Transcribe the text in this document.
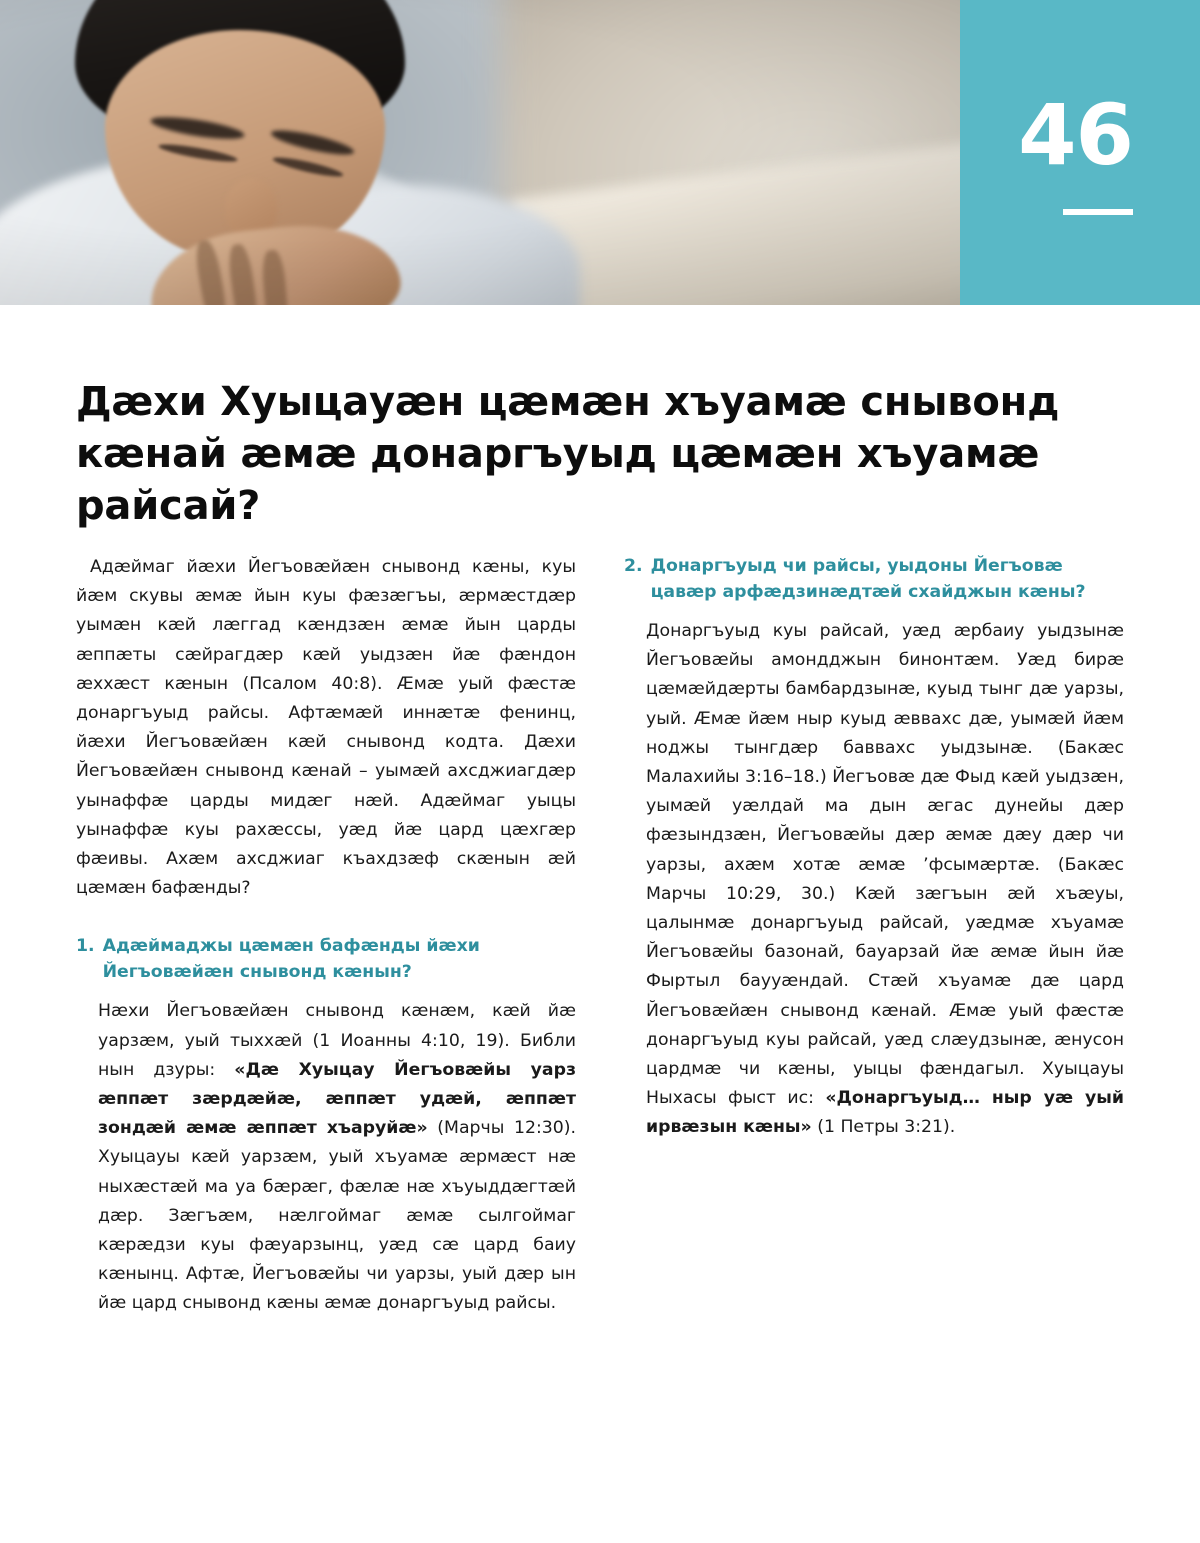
46
Дӕхи Хуыцауӕн цӕмӕн хъуамӕ снывонд кӕнай ӕмӕ донаргъуыд цӕмӕн хъуамӕ райсай?

Адӕймаг йӕхи Йегъовӕйӕн снывонд кӕны, куы йӕм скувы ӕмӕ йын куы фӕзӕгъы, ӕрмӕстдӕр уымӕн кӕй лӕггад кӕндзӕн ӕмӕ йын царды ӕппӕты сӕйрагдӕр кӕй уыдзӕн йӕ фӕндон ӕххӕст кӕнын (Псалом 40:8). Ӕмӕ уый фӕстӕ донаргъуыд райсы. Афтӕмӕй иннӕтӕ фенинц, йӕхи Йегъовӕйӕн кӕй снывонд кодта. Дӕхи Йегъовӕйӕн снывонд кӕнай – уымӕй ахсджиагдӕр уынаффӕ царды мидӕг нӕй. Адӕймаг уыцы уынаффӕ куы рахӕссы, уӕд йӕ цард цӕхгӕр фӕивы. Ахӕм ахсджиаг къахдзӕф скӕнын ӕй цӕмӕн бафӕнды?

1. Адӕймаджы цӕмӕн бафӕнды йӕхи Йегъовӕйӕн снывонд кӕнын?

Нӕхи Йегъовӕйӕн снывонд кӕнӕм, кӕй йӕ уарзӕм, уый тыххӕй (1 Иоанны 4:10, 19). Библи нын дзуры: «Дӕ Хуыцау Йегъовӕйы уарз ӕппӕт зӕрдӕйӕ, ӕппӕт удӕй, ӕппӕт зондӕй ӕмӕ ӕппӕт хъаруйӕ» (Марчы 12:30). Хуыцауы кӕй уарзӕм, уый хъуамӕ ӕрмӕст нӕ ныхӕстӕй ма уа бӕрӕг, фӕлӕ нӕ хъуыддӕгтӕй дӕр. Зӕгъӕм, нӕлгоймаг ӕмӕ сылгоймаг кӕрӕдзи куы фӕуарзынц, уӕд сӕ цард баиу кӕнынц. Афтӕ, Йегъовӕйы чи уарзы, уый дӕр ын йӕ цард снывонд кӕны ӕмӕ донаргъуыд райсы.

2. Донаргъуыд чи райсы, уыдоны Йегъовӕ цавӕр арфӕдзинӕдтӕй схайджын кӕны?

Донаргъуыд куы райсай, уӕд ӕрбаиу уыдзынӕ Йегъовӕйы амондджын бинонтӕм. Уӕд бирӕ цӕмӕйдӕрты бамбардзынӕ, куыд тынг дӕ уарзы, уый. Ӕмӕ йӕм ныр куыд ӕввахс дӕ, уымӕй йӕм ноджы тынгдӕр баввахс уыдзынӕ. (Бакӕс Малахийы 3:16–18.) Йегъовӕ дӕ Фыд кӕй уыдзӕн, уымӕй уӕлдай ма дын ӕгас дунейы дӕр фӕзындзӕн, Йегъовӕйы дӕр ӕмӕ дӕу дӕр чи уарзы, ахӕм хотӕ ӕмӕ ’фсымӕртӕ. (Бакӕс Марчы 10:29, 30.) Кӕй зӕгъын ӕй хъӕуы, цалынмӕ донаргъуыд райсай, уӕдмӕ хъуамӕ Йегъовӕйы базонай, бауарзай йӕ ӕмӕ йын йӕ Фыртыл баууӕндай. Стӕй хъуамӕ дӕ цард Йегъовӕйӕн снывонд кӕнай. Ӕмӕ уый фӕстӕ донаргъуыд куы райсай, уӕд слӕудзынӕ, ӕнусон цардмӕ чи кӕны, уыцы фӕндагыл. Хуыцауы Ныхасы фыст ис: «Донаргъуыд… ныр уӕ уый ирвӕзын кӕны» (1 Петры 3:21).
